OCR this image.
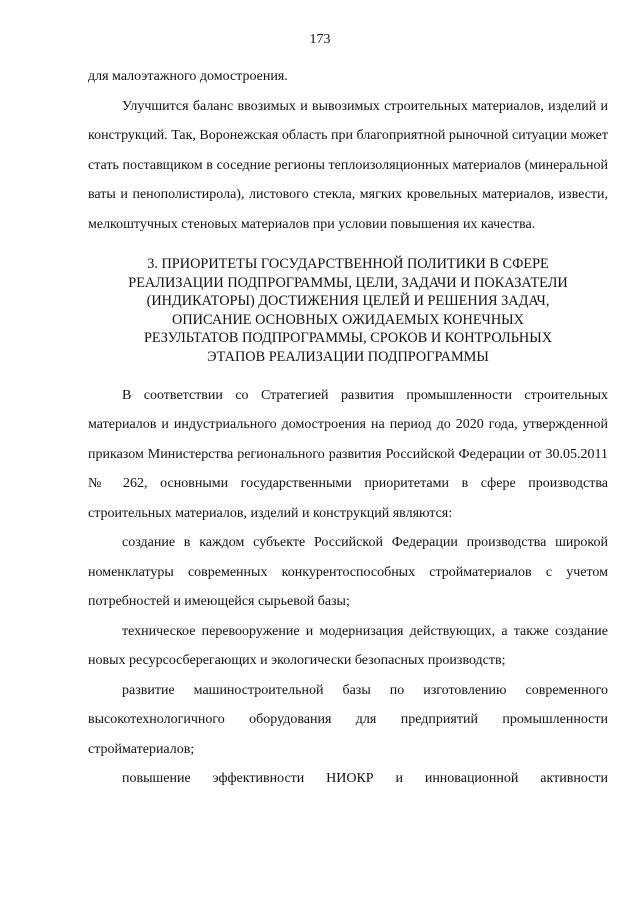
173

для малоэтажного домостроения.

Улучшится баланс ввозимых и вывозимых строительных материалов, изделий и конструкций. Так, Воронежская область при благоприятной рыночной ситуации может стать поставщиком в соседние регионы теплоизоляционных материалов (минеральной ваты и пенополистирола), листового стекла, мягких кровельных материалов, извести, мелкоштучных стеновых материалов при условии повышения их качества.

3. ПРИОРИТЕТЫ ГОСУДАРСТВЕННОЙ ПОЛИТИКИ В СФЕРЕ
РЕАЛИЗАЦИИ ПОДПРОГРАММЫ, ЦЕЛИ, ЗАДАЧИ И ПОКАЗАТЕЛИ
(ИНДИКАТОРЫ) ДОСТИЖЕНИЯ ЦЕЛЕЙ И РЕШЕНИЯ ЗАДАЧ,
ОПИСАНИЕ ОСНОВНЫХ ОЖИДАЕМЫХ КОНЕЧНЫХ
РЕЗУЛЬТАТОВ ПОДПРОГРАММЫ, СРОКОВ И КОНТРОЛЬНЫХ
ЭТАПОВ РЕАЛИЗАЦИИ ПОДПРОГРАММЫ

В соответствии со Стратегией развития промышленности строительных материалов и индустриального домостроения на период до 2020 года, утвержденной приказом Министерства регионального развития Российской Федерации от 30.05.2011 № 262, основными государственными приоритетами в сфере производства строительных материалов, изделий и конструкций являются:

создание в каждом субъекте Российской Федерации производства широкой номенклатуры современных конкурентоспособных стройматериалов с учетом потребностей и имеющейся сырьевой базы;

техническое перевооружение и модернизация действующих, а также создание новых ресурсосберегающих и экологически безопасных производств;

развитие машиностроительной базы по изготовлению современного высокотехнологичного оборудования для предприятий промышленности стройматериалов;

повышение эффективности НИОКР и инновационной активности
